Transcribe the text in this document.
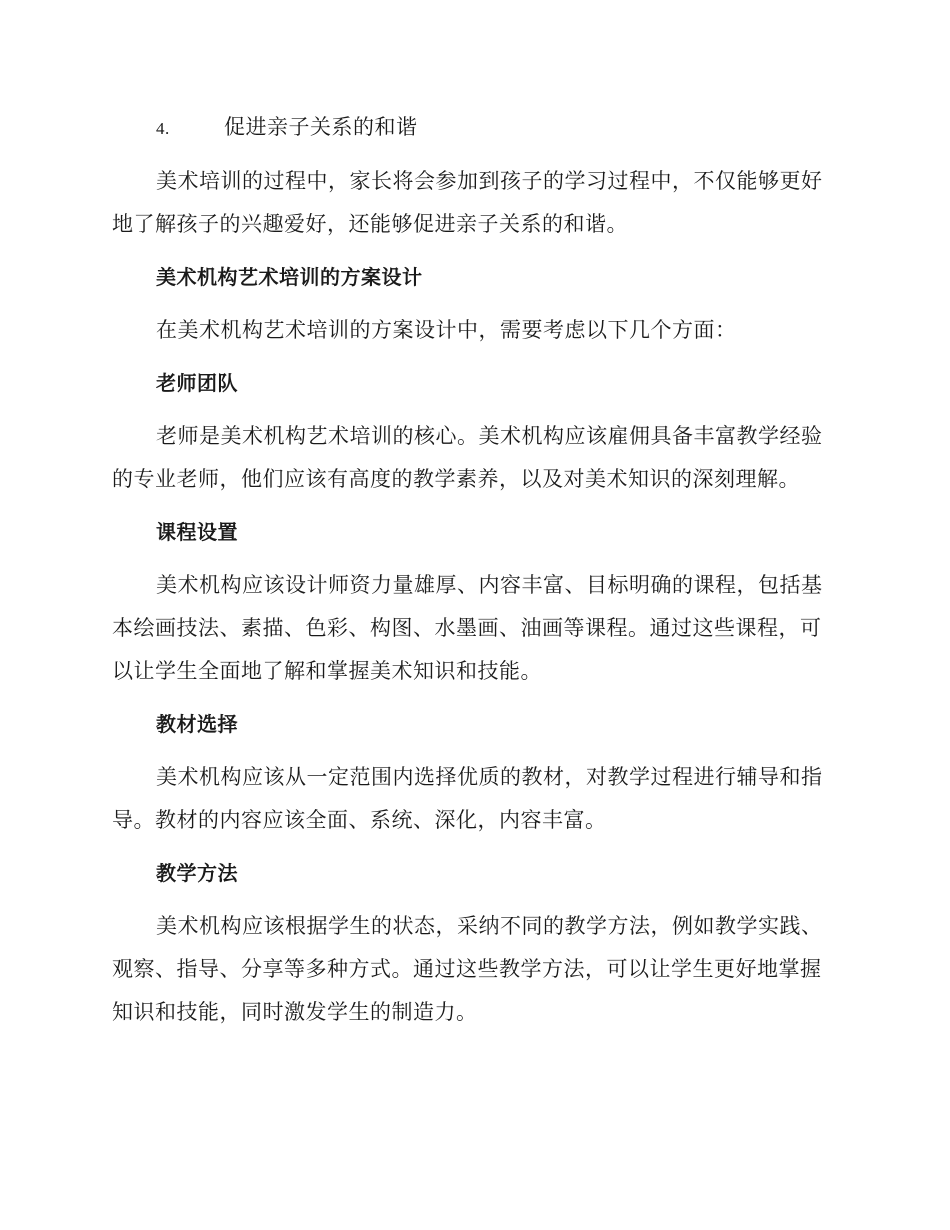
4.	促进亲子关系的和谐

美术培训的过程中，家长将会参加到孩子的学习过程中，不仅能够更好地了解孩子的兴趣爱好，还能够促进亲子关系的和谐。

美术机构艺术培训的方案设计

在美术机构艺术培训的方案设计中，需要考虑以下几个方面：

老师团队

老师是美术机构艺术培训的核心。美术机构应该雇佣具备丰富教学经验的专业老师，他们应该有高度的教学素养，以及对美术知识的深刻理解。

课程设置

美术机构应该设计师资力量雄厚、内容丰富、目标明确的课程，包括基本绘画技法、素描、色彩、构图、水墨画、油画等课程。通过这些课程，可以让学生全面地了解和掌握美术知识和技能。

教材选择

美术机构应该从一定范围内选择优质的教材，对教学过程进行辅导和指导。教材的内容应该全面、系统、深化，内容丰富。

教学方法

美术机构应该根据学生的状态，采纳不同的教学方法，例如教学实践、观察、指导、分享等多种方式。通过这些教学方法，可以让学生更好地掌握知识和技能，同时激发学生的制造力。
